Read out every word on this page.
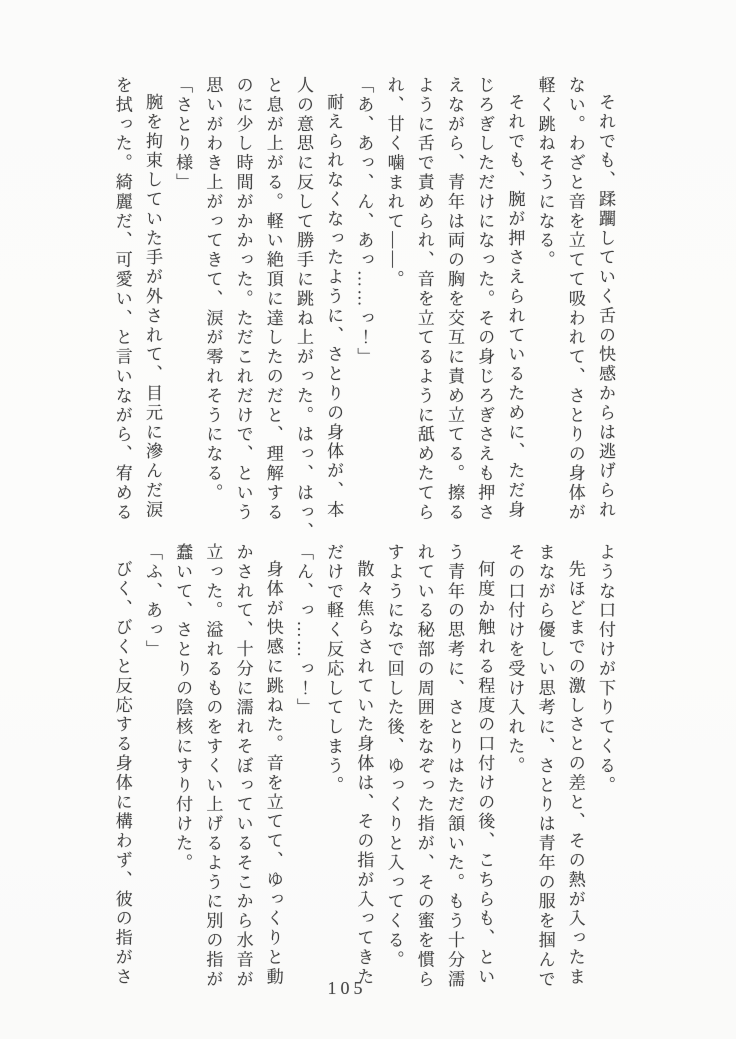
それでも、蹂躙していく舌の快感からは逃げられ
ない。わざと音を立てて吸われて、さとりの身体が
軽く跳ねそうになる。
それでも、腕が押さえられているために、ただ身
じろぎしただけになった。その身じろぎさえも押さ
えながら、青年は両の胸を交互に責め立てる。擦る
ように舌で責められ、音を立てるように舐めたてら
れ、甘く噛まれて――。
「あ、あっ、ん、あっ……っ！」
耐えられなくなったように、さとりの身体が、本
人の意思に反して勝手に跳ね上がった。はっ、はっ、
と息が上がる。軽い絶頂に達したのだと、理解する
のに少し時間がかかった。ただこれだけで、という
思いがわき上がってきて、涙が零れそうになる。
「さとり様」
腕を拘束していた手が外されて、目元に滲んだ涙
を拭った。綺麗だ、可愛い、と言いながら、宥める
ような口付けが下りてくる。
先ほどまでの激しさとの差と、その熱が入ったま
まながら優しい思考に、さとりは青年の服を掴んで
その口付けを受け入れた。
何度か触れる程度の口付けの後、こちらも、とい
う青年の思考に、さとりはただ頷いた。もう十分濡
れている秘部の周囲をなぞった指が、その蜜を慣ら
すようになで回した後、ゆっくりと入ってくる。
散々焦らされていた身体は、その指が入ってきた
だけで軽く反応してしまう。
「ん、っ……っ！」
身体が快感に跳ねた。音を立てて、ゆっくりと動
かされて、十分に濡れそぼっているそこから水音が
立った。溢れるものをすくい上げるように別の指が
蠢いて、さとりの陰核にすり付けた。
「ふ、あっ」
びく、びくと反応する身体に構わず、彼の指がさ
105
